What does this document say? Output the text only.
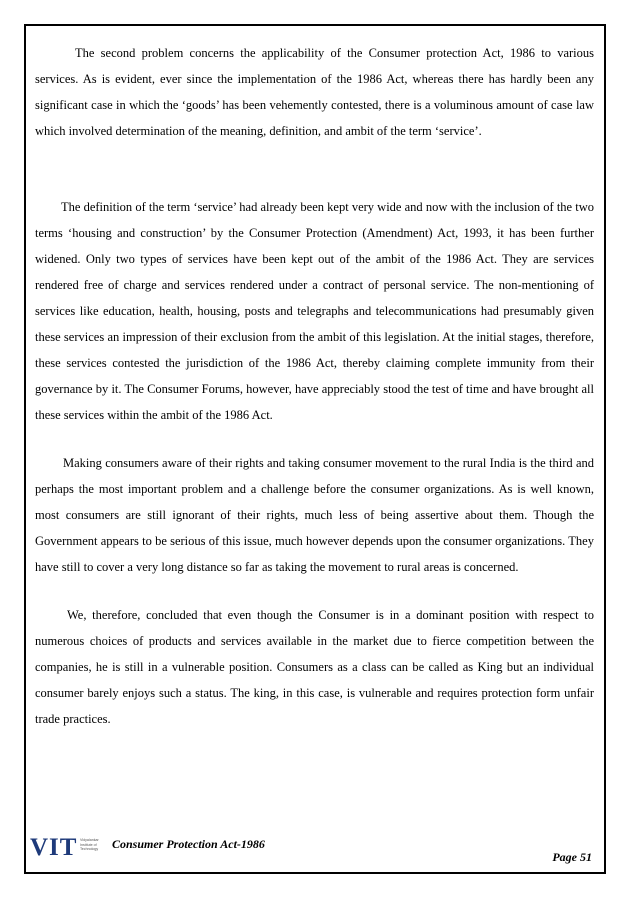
The second problem concerns the applicability of the Consumer protection Act, 1986 to various services. As is evident, ever since the implementation of the 1986 Act, whereas there has hardly been any significant case in which the ‘goods’ has been vehemently contested, there is a voluminous amount of case law which involved determination of the meaning, definition, and ambit of the term ‘service’.

The definition of the term ‘service’ had already been kept very wide and now with the inclusion of the two terms ‘housing and construction’ by the Consumer Protection (Amendment) Act, 1993, it has been further widened. Only two types of services have been kept out of the ambit of the 1986 Act. They are services rendered free of charge and services rendered under a contract of personal service. The non-mentioning of services like education, health, housing, posts and telegraphs and telecommunications had presumably given these services an impression of their exclusion from the ambit of this legislation. At the initial stages, therefore, these services contested the jurisdiction of the 1986 Act, thereby claiming complete immunity from their governance by it. The Consumer Forums, however, have appreciably stood the test of time and have brought all these services within the ambit of the 1986 Act.

Making consumers aware of their rights and taking consumer movement to the rural India is the third and perhaps the most important problem and a challenge before the consumer organizations. As is well known, most consumers are still ignorant of their rights, much less of being assertive about them. Though the Government appears to be serious of this issue, much however depends upon the consumer organizations. They have still to cover a very long distance so far as taking the movement to rural areas is concerned.

We, therefore, concluded that even though the Consumer is in a dominant position with respect to numerous choices of products and services available in the market due to fierce competition between the companies, he is still in a vulnerable position. Consumers as a class can be called as King but an individual consumer barely enjoys such a status. The king, in this case, is vulnerable and requires protection form unfair trade practices.

VIT Vidyalankar Institute of Technology	Consumer Protection Act-1986
Page 51
